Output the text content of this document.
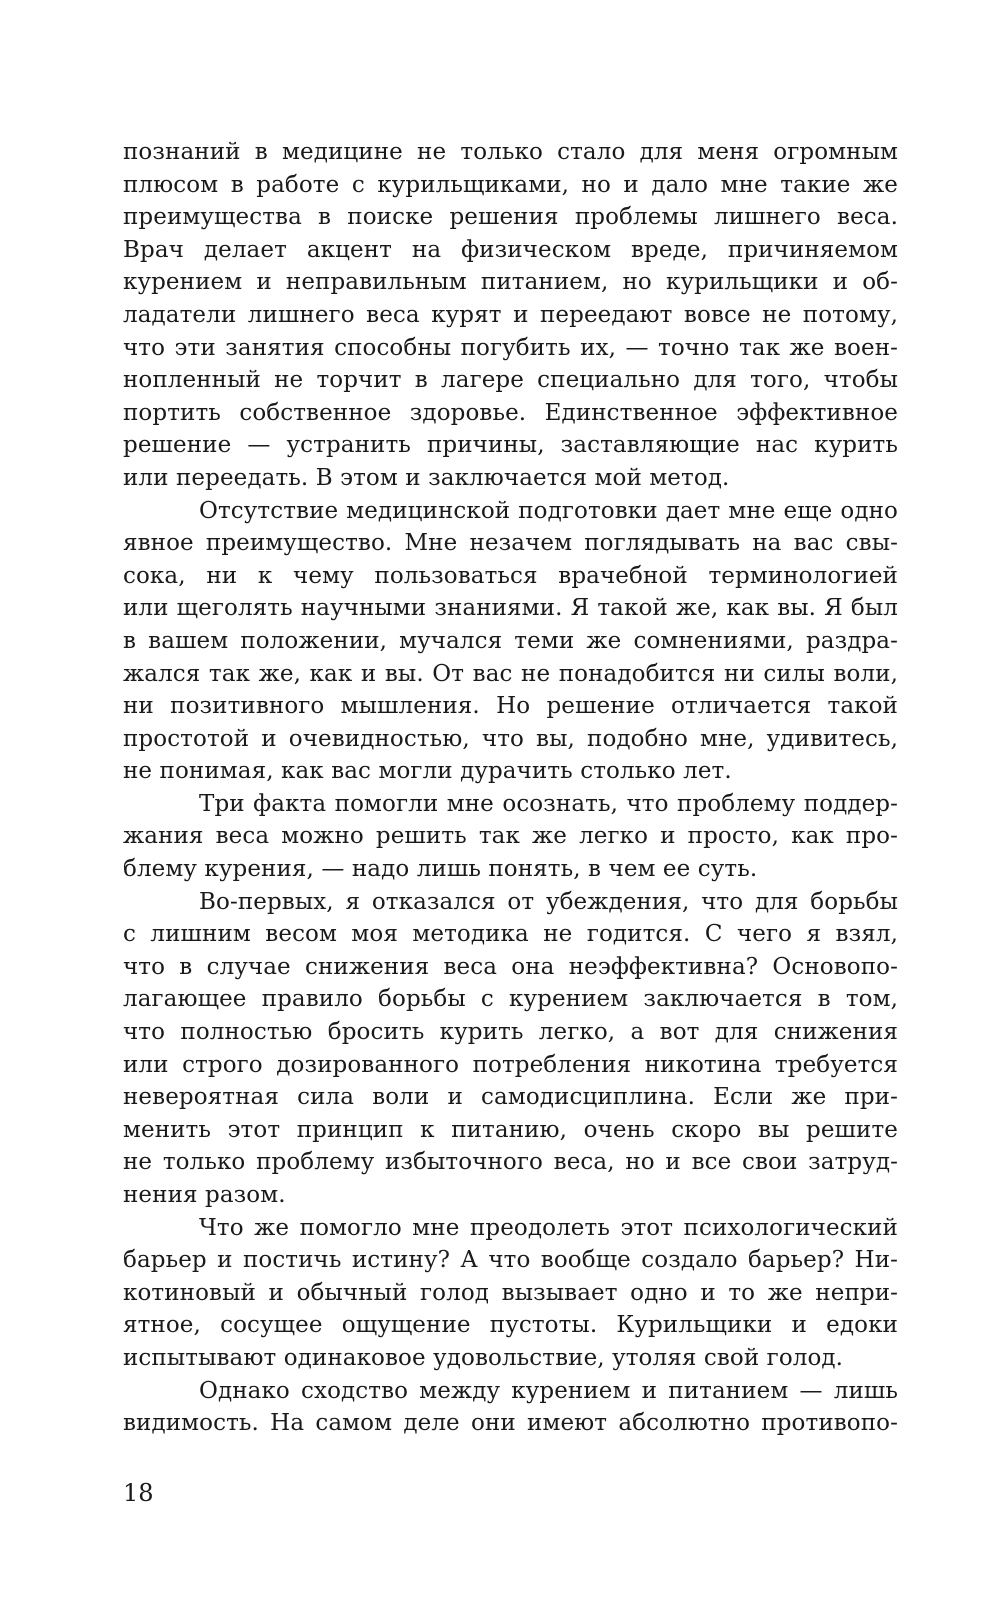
познаний в медицине не только стало для меня огромным
плюсом в работе с курильщиками, но и дало мне такие же
преимущества в поиске решения проблемы лишнего веса.
Врач делает акцент на физическом вреде, причиняемом
курением и неправильным питанием, но курильщики и об-
ладатели лишнего веса курят и переедают вовсе не потому,
что эти занятия способны погубить их, — точно так же воен-
нопленный не торчит в лагере специально для того, чтобы
портить собственное здоровье. Единственное эффективное
решение — устранить причины, заставляющие нас курить
или переедать. В этом и заключается мой метод.
Отсутствие медицинской подготовки дает мне еще одно
явное преимущество. Мне незачем поглядывать на вас свы-
сока, ни к чему пользоваться врачебной терминологией
или щеголять научными знаниями. Я такой же, как вы. Я был
в вашем положении, мучался теми же сомнениями, раздра-
жался так же, как и вы. От вас не понадобится ни силы воли,
ни позитивного мышления. Но решение отличается такой
простотой и очевидностью, что вы, подобно мне, удивитесь,
не понимая, как вас могли дурачить столько лет.
Три факта помогли мне осознать, что проблему поддер-
жания веса можно решить так же легко и просто, как про-
блему курения, — надо лишь понять, в чем ее суть.
Во-первых, я отказался от убеждения, что для борьбы
с лишним весом моя методика не годится. С чего я взял,
что в случае снижения веса она неэффективна? Основопо-
лагающее правило борьбы с курением заключается в том,
что полностью бросить курить легко, а вот для снижения
или строго дозированного потребления никотина требуется
невероятная сила воли и самодисциплина. Если же при-
менить этот принцип к питанию, очень скоро вы решите
не только проблему избыточного веса, но и все свои затруд-
нения разом.
Что же помогло мне преодолеть этот психологический
барьер и постичь истину? А что вообще создало барьер? Ни-
котиновый и обычный голод вызывает одно и то же непри-
ятное, сосущее ощущение пустоты. Курильщики и едоки
испытывают одинаковое удовольствие, утоляя свой голод.
Однако сходство между курением и питанием — лишь
видимость. На самом деле они имеют абсолютно противопо-
18
